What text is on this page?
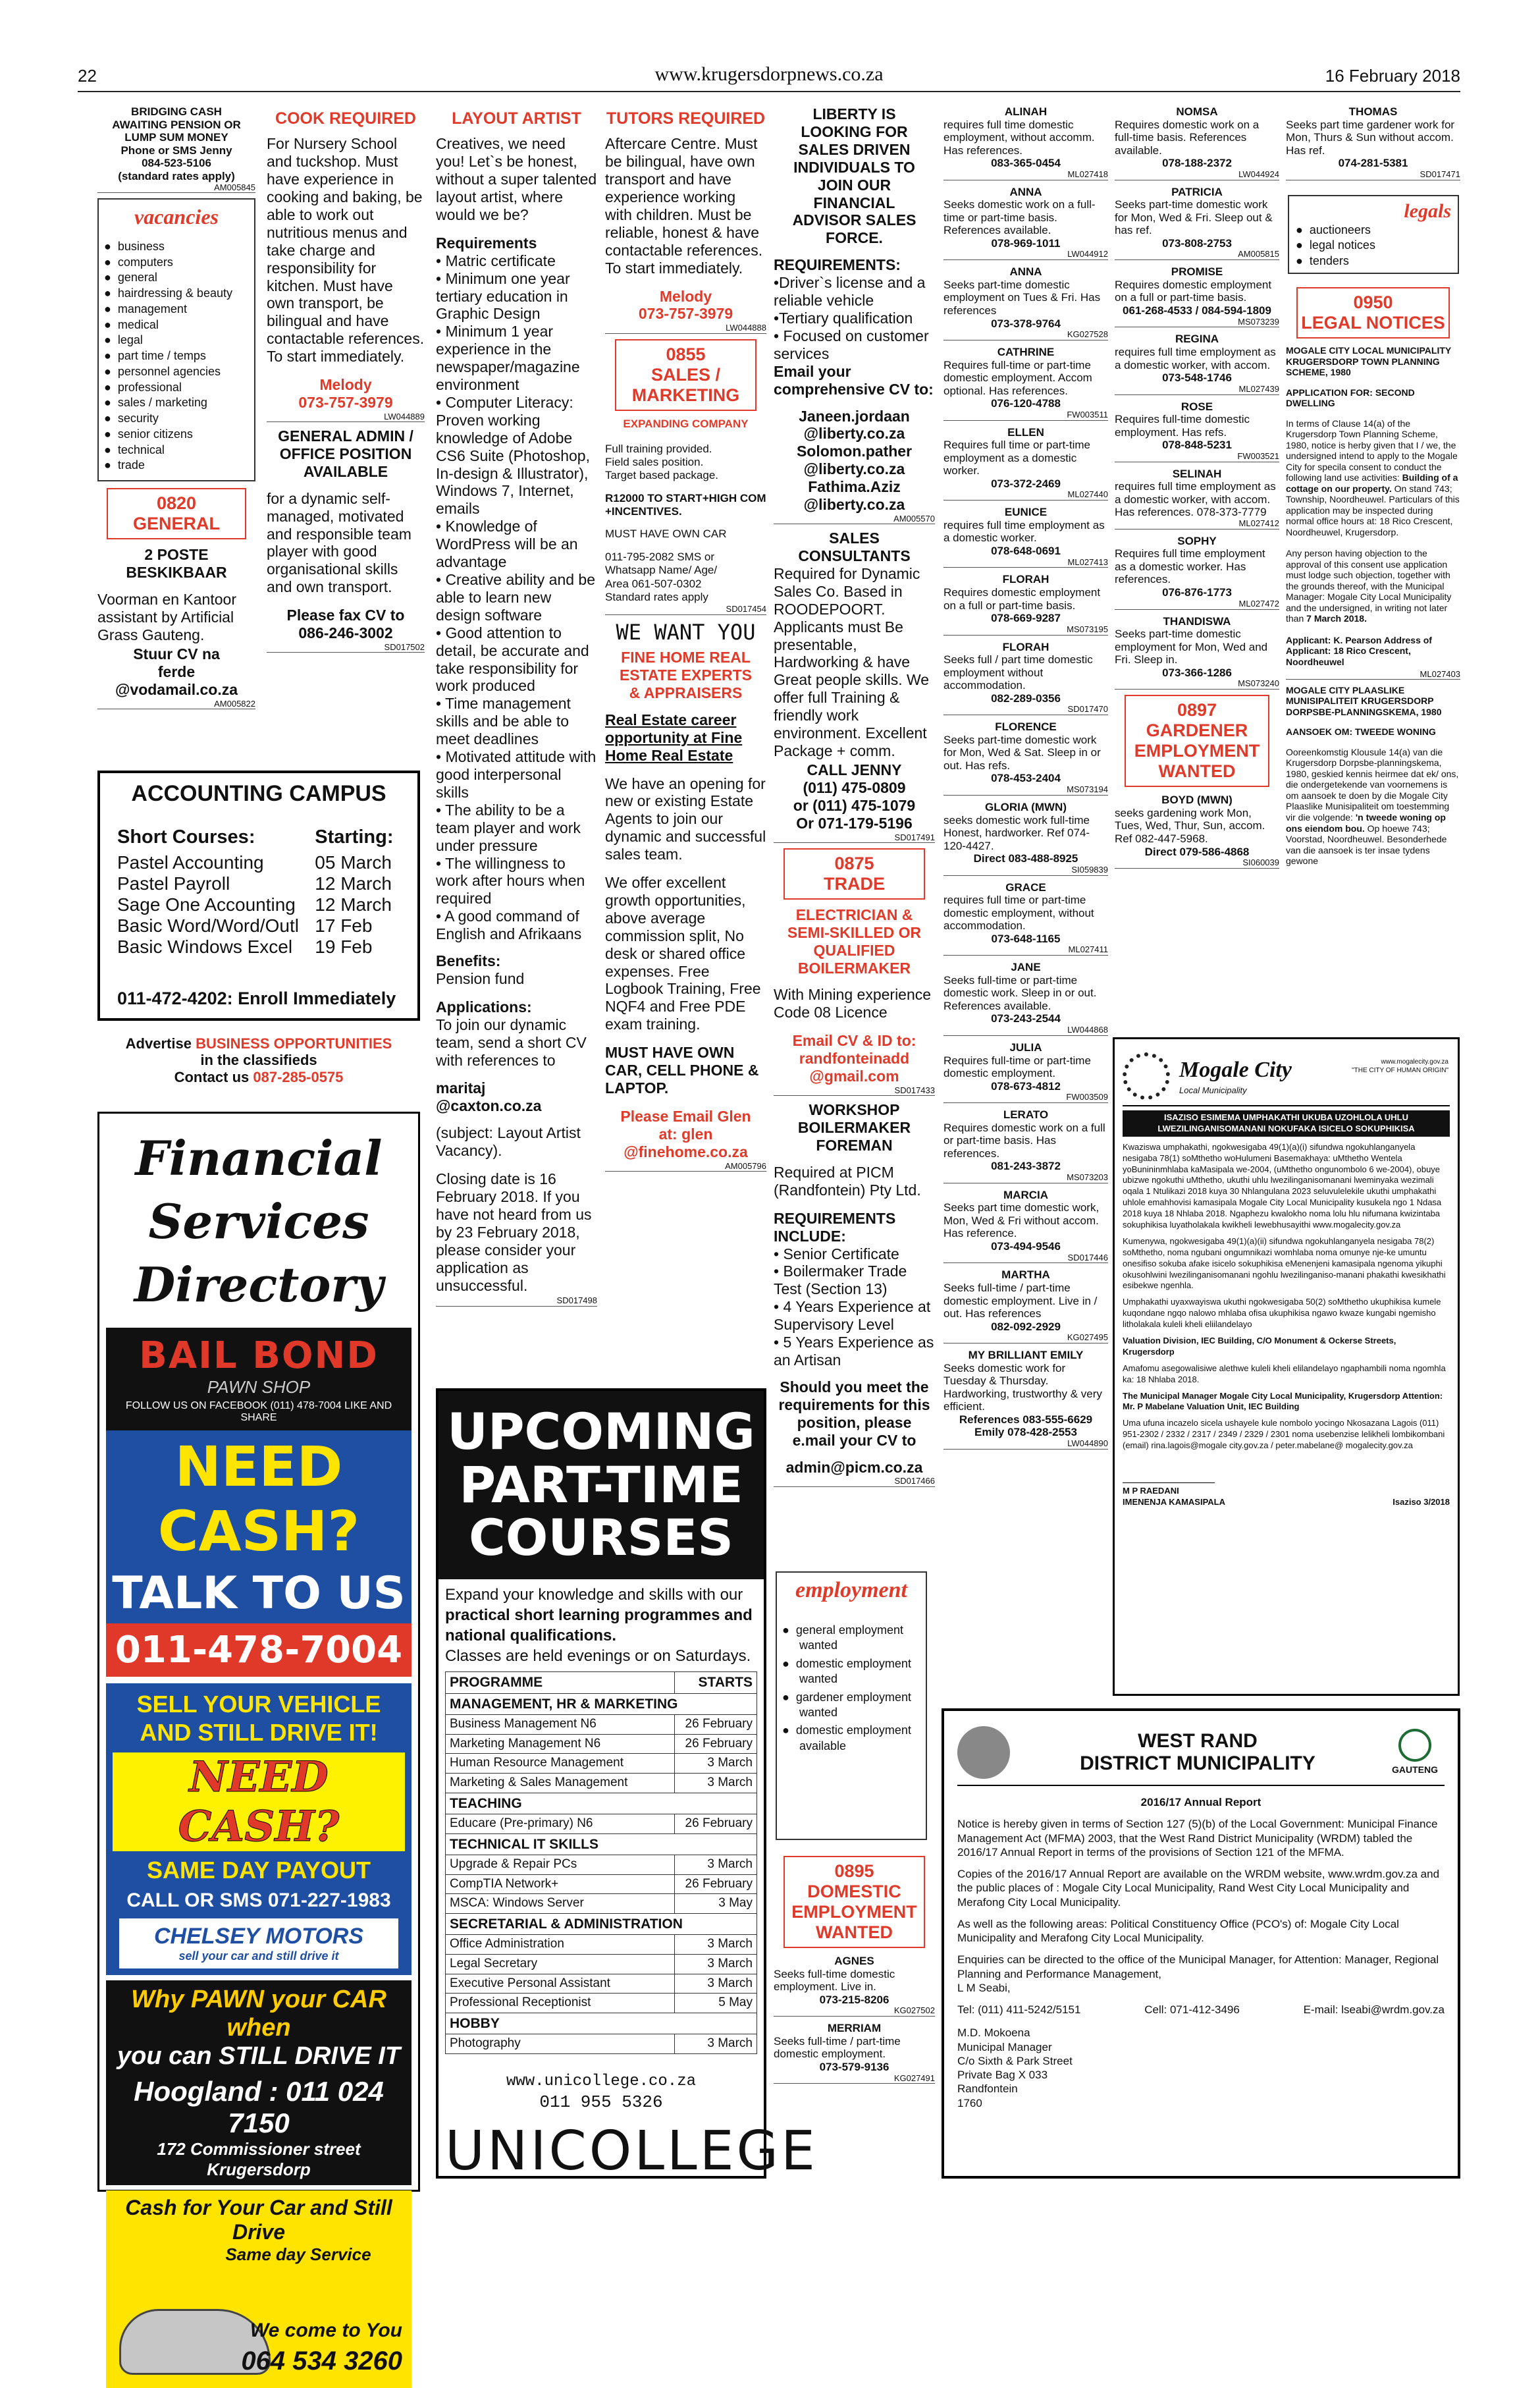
22	www.krugersdorpnews.co.za	16 February 2018
BRIDGING CASH
AWAITING PENSION OR
LUMP SUM MONEY
Phone or SMS Jenny
084-523-5106
(standard rates apply)
AM005845
vacancies
● business
● computers
● general
● hairdressing & beauty
● management
● medical
● legal
● part time / temps
● personnel agencies
● professional
● sales / marketing
● security
● senior citizens
● technical
● trade
0820
GENERAL
2 POSTE
BESKIKBAAR

Voorman en Kantoor assistant by Artificial Grass Gauteng.

Stuur CV na
ferde
@vodamail.co.za
AM005822
ACCOUNTING CAMPUS
Short Courses:	Starting:
Pastel Accounting	05 March
Pastel Payroll	12 March
Sage One Accounting	12 March
Basic Word/Word/Outl	17 Feb
Basic Windows Excel	19 Feb
011-472-4202: Enroll Immediately
Advertise BUSINESS OPPORTUNITIES
in the classifieds
Contact us 087-285-0575
Financial
Services
Directory
BAIL BOND
PAWN SHOP
FOLLOW US ON FACEBOOK (011) 478-7004 LIKE AND SHARE
NEED CASH?
TALK TO US
011-478-7004
SELL YOUR VEHICLE
AND STILL DRIVE IT!
NEED CASH?
SAME DAY PAYOUT
CALL OR SMS 071-227-1983
CHELSEY MOTORS
sell your car and still drive it
Why PAWN your CAR when
you can STILL DRIVE IT
Hoogland : 011 024 7150
172 Commissioner street Krugersdorp
Cash for Your Car and Still Drive
Same day Service
We come to You
064 534 3260
COOK REQUIRED

For Nursery School and tuckshop. Must have experience in cooking and baking, be able to work out nutritious menus and take charge and responsibility for kitchen. Must have own transport, be bilingual and have contactable references. To start immediately.

Melody
073-757-3979
LW044889
GENERAL ADMIN /
OFFICE POSITION
AVAILABLE

for a dynamic self-managed, motivated and responsible team player with good organisational skills and own transport.

Please fax CV to
086-246-3002
SD017502
LAYOUT ARTIST

Creatives, we need you! Let`s be honest, without a super talented layout artist, where would we be?

Requirements
• Matric certificate
• Minimum one year tertiary education in Graphic Design
• Minimum 1 year experience in the newspaper/magazine environment
• Computer Literacy: Proven working knowledge of Adobe CS6 Suite (Photoshop, In-design & Illustrator), Windows 7, Internet, emails
• Knowledge of WordPress will be an advantage
• Creative ability and be able to learn new design software
• Good attention to detail, be accurate and take responsibility for work produced
• Time management skills and be able to meet deadlines
• Motivated attitude with good interpersonal skills
• The ability to be a team player and work under pressure
• The willingness to work after hours when required
• A good command of English and Afrikaans
Benefits:

Pension fund

Applications:

To join our dynamic team, send a short CV with references to

maritaj
@caxton.co.za

(subject: Layout Artist Vacancy).

Closing date is 16 February 2018. If you have not heard from us by 23 February 2018, please consider your application as unsuccessful.

SD017498
UPCOMING
PART-TIME
COURSES
Expand your knowledge and skills with our
practical short learning programmes and national qualifications.
Classes are held evenings or on Saturdays.
PROGRAMME	STARTS
MANAGEMENT, HR & MARKETING	
Business Management N6	26 February
Marketing Management N6	26 February
Human Resource Management	3 March
Marketing & Sales Management	3 March
TEACHING	
Educare (Pre-primary) N6	26 February
TECHNICAL IT SKILLS	
Upgrade & Repair PCs	3 March
CompTIA Network+	26 February
MSCA: Windows Server	3 May
SECRETARIAL & ADMINISTRATION	
Office Administration	3 March
Legal Secretary	3 March
Executive Personal Assistant	3 March
Professional Receptionist	5 May
HOBBY	
Photography	3 March
www.unicollege.co.za
011 955 5326
UNICOLLEGE
TUTORS REQUIRED

Aftercare Centre. Must be bilingual, have own transport and have experience working with children. Must be reliable, honest & have contactable references. To start immediately.

Melody
073-757-3979
LW044888
0855
SALES / MARKETING
EXPANDING COMPANY
Full training provided.
Field sales position.
Target based package.
R12000 TO START+HIGH COM +INCENTIVES.
MUST HAVE OWN CAR
011-795-2082 SMS or
Whatsapp Name/ Age/
Area 061-507-0302
Standard rates apply
SD017454
WE WANT YOU
FINE HOME REAL
ESTATE EXPERTS
& APPRAISERS

Real Estate career opportunity at Fine Home Real Estate

We have an opening for new or existing Estate Agents to join our dynamic and successful sales team.

We offer excellent growth opportunities, above average commission split, No desk or shared office expenses. Free Logbook Training, Free NQF4 and Free PDE exam training.

MUST HAVE OWN CAR, CELL PHONE & LAPTOP.

Please Email Glen
at: glen
@finehome.co.za
AM005796
LIBERTY IS
LOOKING FOR
SALES DRIVEN
INDIVIDUALS TO
JOIN OUR
FINANCIAL
ADVISOR SALES
FORCE.
REQUIREMENTS:
•Driver`s license and a reliable vehicle
•Tertiary qualification
• Focused on customer services
Email your comprehensive CV to:
Janeen.jordaan
@liberty.co.za
Solomon.pather
@liberty.co.za
Fathima.Aziz
@liberty.co.za
AM005570
SALES
CONSULTANTS

Required for Dynamic Sales Co. Based in ROODEPOORT. Applicants must Be presentable, Hardworking & have Great people skills. We offer full Training & friendly work environment. Excellent Package + comm.

CALL JENNY
(011) 475-0809
or (011) 475-1079
Or 071-179-5196
SD017491
0875
TRADE
ELECTRICIAN &
SEMI-SKILLED OR
QUALIFIED
BOILERMAKER

With Mining experience Code 08 Licence

Email CV & ID to:
randfonteinadd
@gmail.com
SD017433
WORKSHOP
BOILERMAKER
FOREMAN

Required at PICM (Randfontein) Pty Ltd.

REQUIREMENTS INCLUDE:
• Senior Certificate
• Boilermaker Trade Test (Section 13)
• 4 Years Experience at Supervisory Level
• 5 Years Experience as an Artisan
Should you meet the requirements for this position, please e.mail your CV to
admin@picm.co.za
SD017466
employment
● general employment wanted
● domestic employment wanted
● gardener employment wanted
● domestic employment available
0895
DOMESTIC
EMPLOYMENT
WANTED
AGNES
Seeks full-time domestic employment. Live in.
073-215-8206
KG027502
MERRIAM
Seeks full-time / part-time domestic employment.
073-579-9136
KG027491
ALINAH
requires full time domestic employment, without accomm. Has references.
083-365-0454
ML027418
ANNA
Seeks domestic work on a full-time or part-time basis. References available.
078-969-1011
LW044912
ANNA
Seeks part-time domestic employment on Tues & Fri. Has references
073-378-9764
KG027528
CATHRINE
Requires full-time or part-time domestic employment. Accom optional. Has references.
076-120-4788
FW003511
ELLEN
Requires full time or part-time employment as a domestic worker.
073-372-2469
ML027440
EUNICE
requires full time employment as a domestic worker.
078-648-0691
ML027413
FLORAH
Requires domestic employment on a full or part-time basis.
078-669-9287
MS073195
FLORAH
Seeks full / part time domestic employment without accommodation.
082-289-0356
SD017470
FLORENCE
Seeks part-time domestic work for Mon, Wed & Sat. Sleep in or out. Has refs.
078-453-2404
MS073194
GLORIA (MWN)
seeks domestic work full-time Honest, hardworker. Ref 074-120-4427.
Direct 083-488-8925
SI059839
GRACE
requires full time or part-time domestic employment, without accommodation.
073-648-1165
ML027411
JANE
Seeks full-time or part-time domestic work. Sleep in or out. References available.
073-243-2544
LW044868
JULIA
Requires full-time or part-time domestic employment.
078-673-4812
FW003509
LERATO
Requires domestic work on a full or part-time basis. Has references.
081-243-3872
MS073203
MARCIA
Seeks part time domestic work, Mon, Wed & Fri without accom. Has reference.
073-494-9546
SD017446
MARTHA
Seeks full-time / part-time domestic employment. Live in / out. Has references
082-092-2929
KG027495
MY BRILLIANT EMILY
Seeks domestic work for Tuesday & Thursday. Hardworking, trustworthy & very efficient.
References 083-555-6629 Emily 078-428-2553
LW044890
NOMSA
Requires domestic work on a full-time basis. References available.
078-188-2372
LW044924
PATRICIA
Seeks part-time domestic work for Mon, Wed & Fri. Sleep out & has ref.
073-808-2753
AM005815
PROMISE
Requires domestic employment on a full or part-time basis.
061-268-4533 / 084-594-1809
MS073239
REGINA
requires full time employment as a domestic worker, with accom.
073-548-1746
ML027439
ROSE
Requires full-time domestic employment. Has refs.
078-848-5231
FW003521
SELINAH
requires full time employment as a domestic worker, with accom. Has references. 078-373-7779
ML027412
SOPHY
Requires full time employment as a domestic worker. Has references.
076-876-1773
ML027472
THANDISWA
Seeks part-time domestic employment for Mon, Wed and Fri. Sleep in.
073-366-1286
MS073240
0897
GARDENER
EMPLOYMENT
WANTED
BOYD (MWN)
seeks gardening work Mon, Tues, Wed, Thur, Sun, accom. Ref 082-447-5968.
Direct 079-586-4868
SI060039
THOMAS
Seeks part time gardener work for Mon, Thurs & Sun without accom. Has ref.
074-281-5381
SD017471
legals
● auctioneers
● legal notices
● tenders
0950
LEGAL NOTICES
MOGALE CITY LOCAL MUNICIPALITY KRUGERSDORP TOWN PLANNING SCHEME, 1980
APPLICATION FOR: SECOND DWELLING

In terms of Clause 14(a) of the Krugersdorp Town Planning Scheme, 1980, notice is herby given that I / we, the undersigned intend to apply to the Mogale City for specila consent to conduct the following land use activities: Building of a cottage on our property. On stand 743; Township, Noordheuwel. Particulars of this application may be inspected during normal office hours at: 18 Rico Crescent, Noordheuwel, Krugersdorp.

Any person having objection to the approval of this consent use application must lodge such objection, together with the grounds thereof, with the Municipal Manager: Mogale City Local Municipality and the undersigned, in writing not later than 7 March 2018.

Applicant: K. Pearson Address of Applicant: 18 Rico Crescent, Noordheuwel

ML027403
MOGALE CITY PLAASLIKE MUNISIPALITEIT KRUGERSDORP DORPSBE-PLANNINGSKEMA, 1980
AANSOEK OM: TWEEDE WONING

Ooreenkomstig Klousule 14(a) van die Krugersdorp Dorpsbe-planningskema, 1980, geskied kennis heirmee dat ek/ ons, die ondergetekende van voornemens is om aansoek te doen by die Mogale City Plaaslike Munisipaliteit om toestemming vir die volgende: 'n tweede woning op ons eiendom bou. Op hoewe 743; Voorstad, Noordheuwel. Besonderhede van die aansoek is ter insae tydens gewone

Mogale City
Local Municipality
www.mogalecity.gov.za
"THE CITY OF HUMAN ORIGIN"
ISAZISO ESIMEMA UMPHAKATHI UKUBA UZOHLOLA UHLU LWEZILINGANISOMANANI NOKUFAKA ISICELO SOKUPHIKISA

Kwaziswa umphakathi, ngokwesigaba 49(1)(a)(i) sifundwa ngokuhlanganyela nesigaba 78(1) soMthetho woHulumeni Basemakhaya: uMthetho Wentela yoBunininmhlaba kaMasipala we-2004, (uMthetho ongunombolo 6 we-2004), obuye ubizwe ngokuthi uMthetho, ukuthi uhlu lwezilinganisomanani lweminyaka wezimali oqala 1 Ntulikazi 2018 kuya 30 Nhlangulana 2023 seluvulelekile ukuthi umphakathi uhlole emahhovisi kamasipala Mogale City Local Municipality kusukela ngo 1 Ndasa 2018 kuya 18 Nhlaba 2018. Ngaphezu kwalokho noma lolu hlu nifumana kwizintaba sokuphikisa luyatholakala kwikheli lewebhusayithi www.mogalecity.gov.za

Kumenywa, ngokwesigaba 49(1)(a)(ii) sifundwa ngokuhlanganyela nesigaba 78(2) soMthetho, noma ngubani ongumnikazi womhlaba noma omunye nje-ke umuntu onesifiso sokuba afake isicelo sokuphikisa eMenenjeni kamasipala ngenoma yikuphi okusohlwini lwezilinganisomanani ngohlu lwezilinganiso-manani phakathi kwesikhathi esibekwe ngenhla.

Umphakathi uyaxwayiswa ukuthi ngokwesigaba 50(2) soMthetho ukuphikisa kumele kuqondane ngqo nalowo mhlaba ofisa ukuphikisa ngawo kwaze kungabi ngemisho litholakala kuleli kheli eliilandelayo

Valuation Division, IEC Building, C/O Monument & Ockerse Streets, Krugersdorp

Amafomu asegowalisiwe alethwe kuleli kheli elilandelayo ngaphambili noma ngomhla ka: 18 Nhlaba 2018.

The Municipal Manager Mogale City Local Municipality, Krugersdorp Attention: Mr. P Mabelane Valuation Unit, IEC Building

Uma ufuna incazelo sicela ushayele kule nombolo yocingo Nkosazana Lagois (011) 951-2302 / 2332 / 2317 / 2349 / 2329 / 2301 noma usebenzise lelikheli lombikombani (email) rina.lagois@mogale city.gov.za / peter.mabelane@ mogalecity.gov.za

M P RAEDANI
IMENENJA KAMASIPALA	Isaziso 3/2018
WEST RAND
DISTRICT MUNICIPALITY	GAUTENG
2016/17 Annual Report

Notice is hereby given in terms of Section 127 (5)(b) of the Local Government: Municipal Finance Management Act (MFMA) 2003, that the West Rand District Municipality (WRDM) tabled the 2016/17 Annual Report in terms of the provisions of Section 121 of the MFMA.

Copies of the 2016/17 Annual Report are available on the WRDM website, www.wrdm.gov.za and the public places of : Mogale City Local Municipality, Rand West City Local Municipality and Merafong City Local Municipality.

As well as the following areas: Political Constituency Office (PCO's) of: Mogale City Local Municipality and Merafong City Local Municipality.

Enquiries can be directed to the office of the Municipal Manager, for Attention: Manager, Regional Planning and Performance Management,
L M Seabi,

Tel: (011) 411-5242/5151	Cell: 071-412-3496	E-mail: lseabi@wrdm.gov.za
M.D. Mokoena
Municipal Manager
C/o Sixth & Park Street
Private Bag X 033
Randfontein
1760
